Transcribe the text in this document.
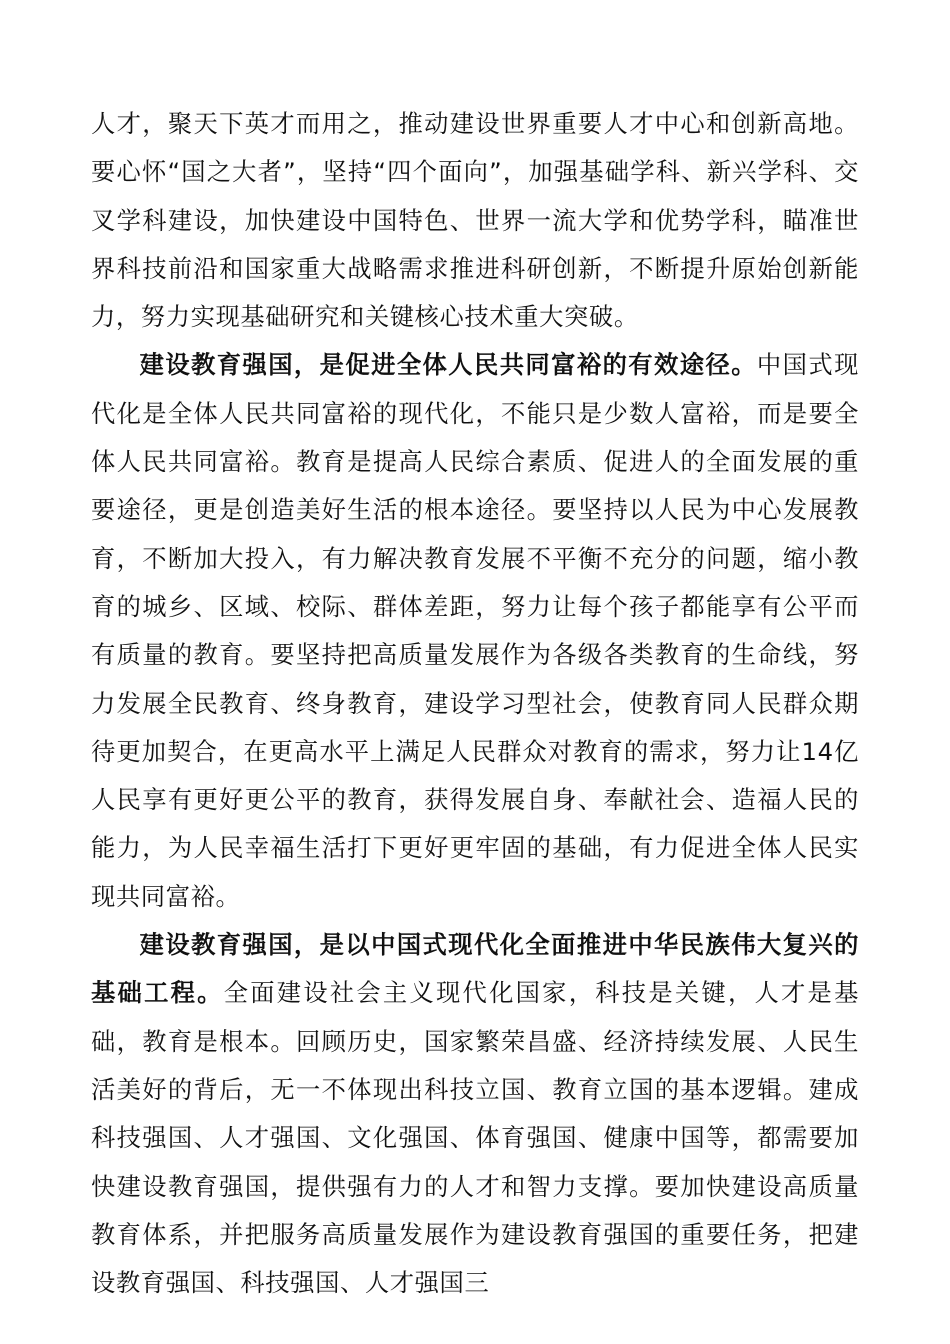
人才，聚天下英才而用之，推动建设世界重要人才中心和创新高地。要心怀“国之大者”，坚持“四个面向”，加强基础学科、新兴学科、交叉学科建设，加快建设中国特色、世界一流大学和优势学科，瞄准世界科技前沿和国家重大战略需求推进科研创新，不断提升原始创新能力，努力实现基础研究和关键核心技术重大突破。

建设教育强国，是促进全体人民共同富裕的有效途径。中国式现代化是全体人民共同富裕的现代化，不能只是少数人富裕，而是要全体人民共同富裕。教育是提高人民综合素质、促进人的全面发展的重要途径，更是创造美好生活的根本途径。要坚持以人民为中心发展教育，不断加大投入，有力解决教育发展不平衡不充分的问题，缩小教育的城乡、区域、校际、群体差距，努力让每个孩子都能享有公平而有质量的教育。要坚持把高质量发展作为各级各类教育的生命线，努力发展全民教育、终身教育，建设学习型社会，使教育同人民群众期待更加契合，在更高水平上满足人民群众对教育的需求，努力让14亿人民享有更好更公平的教育，获得发展自身、奉献社会、造福人民的能力，为人民幸福生活打下更好更牢固的基础，有力促进全体人民实现共同富裕。

建设教育强国，是以中国式现代化全面推进中华民族伟大复兴的基础工程。全面建设社会主义现代化国家，科技是关键，人才是基础，教育是根本。回顾历史，国家繁荣昌盛、经济持续发展、人民生活美好的背后，无一不体现出科技立国、教育立国的基本逻辑。建成科技强国、人才强国、文化强国、体育强国、健康中国等，都需要加快建设教育强国，提供强有力的人才和智力支撑。要加快建设高质量教育体系，并把服务高质量发展作为建设教育强国的重要任务，把建设教育强国、科技强国、人才强国三
